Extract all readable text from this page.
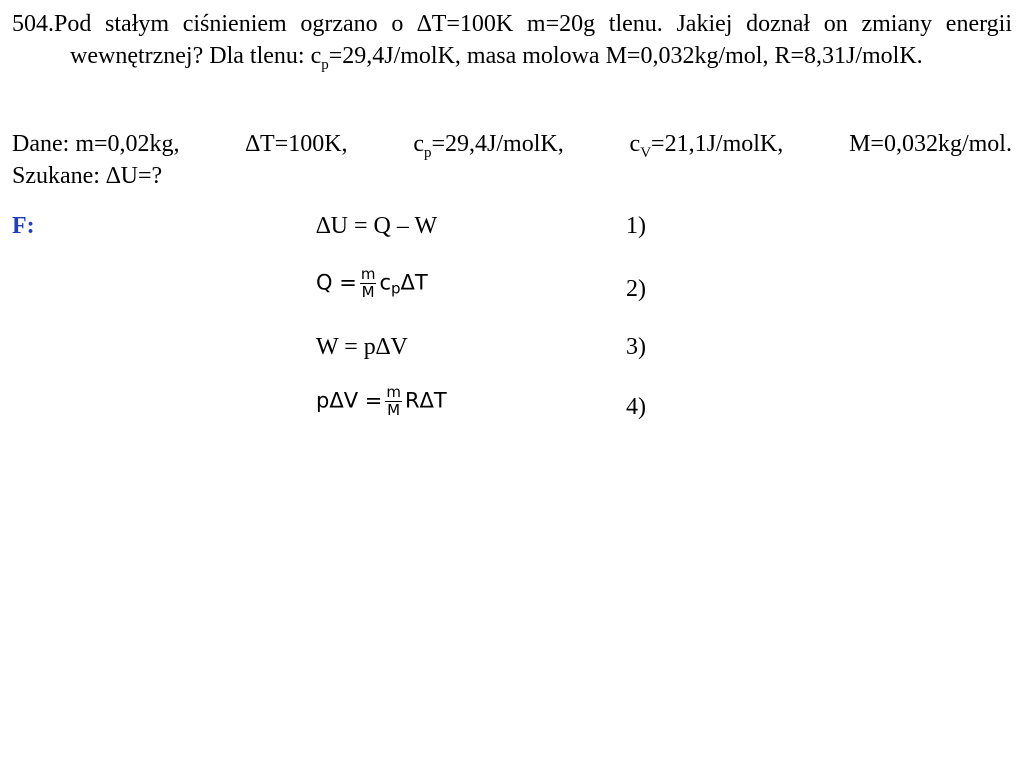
504.Pod stałym ciśnieniem ogrzano o ∆T=100K m=20g tlenu. Jakiej doznał on zmiany energii wewnętrznej? Dla tlenu: $c_p=29,4J$/molK, masa molowa M=0,032kg/mol, R=8,31J/molK.
Dane: m=0,02kg,	∆T=100K,	$c_p=29,4J$/molK,	$c_V=21,1J$/molK,	M=0,032kg/mol.
Szukane: ∆U=?
F:	∆U = Q – W	1)
$Q = \frac{m}{M}$ cpΔT	2)
W = p∆V	3)
$p\Delta V = \frac{m}{M}$ RΔT	4)
